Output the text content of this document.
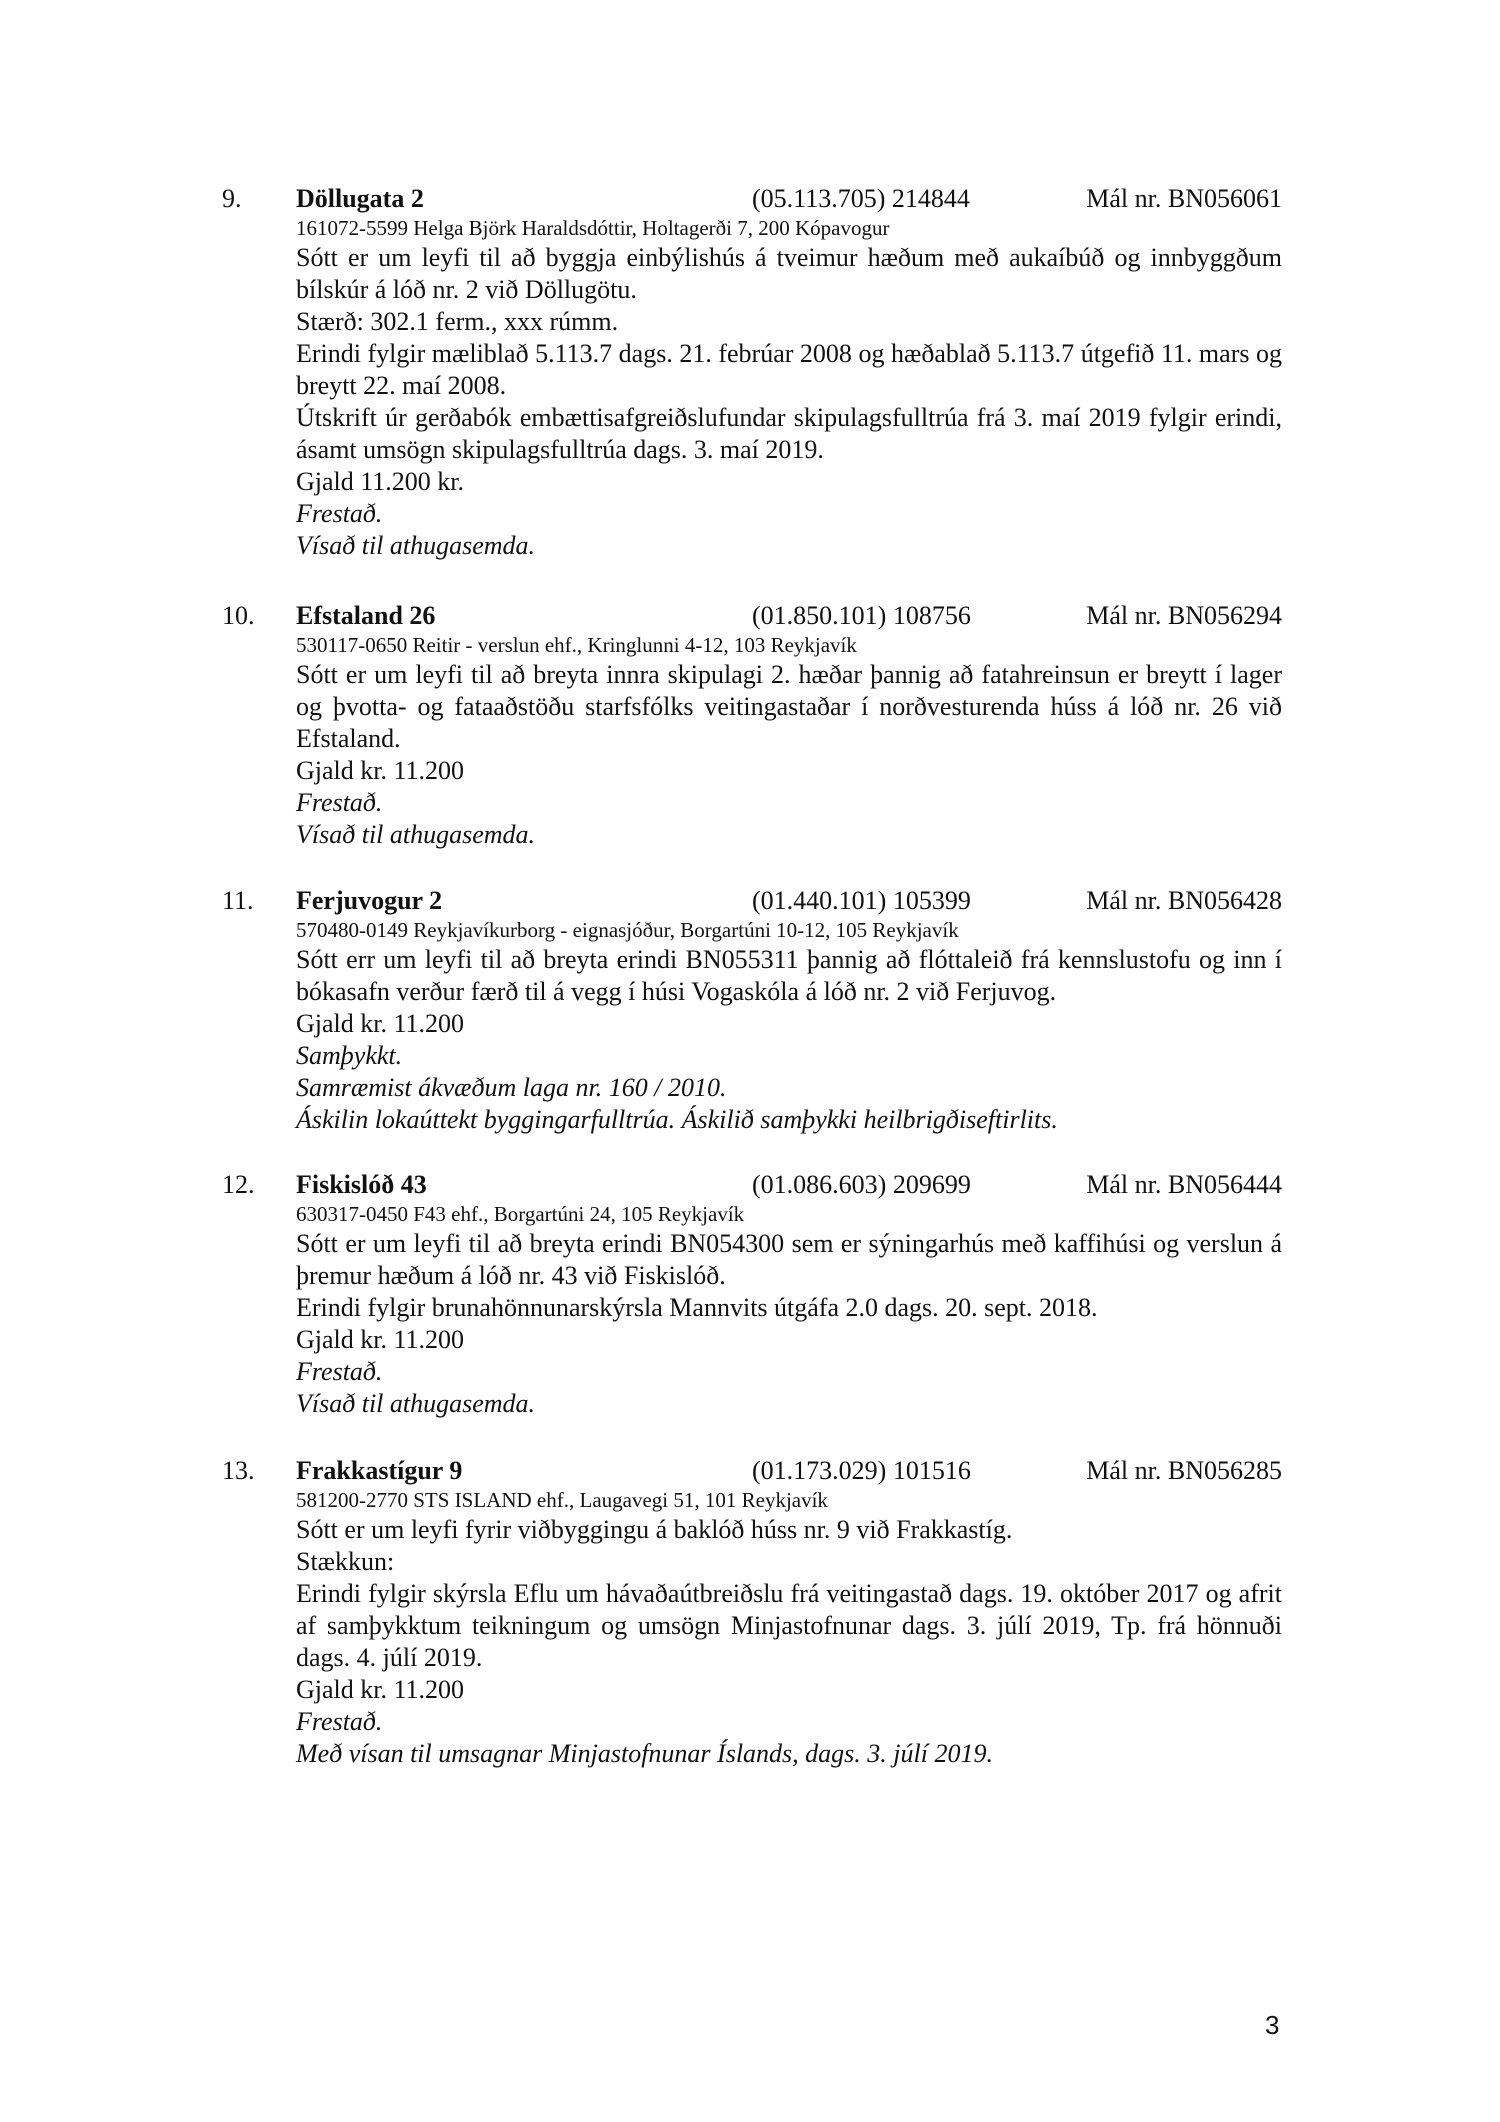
9. Döllugata 2	(05.113.705) 214844	Mál nr. BN056061
161072-5599 Helga Björk Haraldsdóttir, Holtagerði 7, 200 Kópavogur
Sótt er um leyfi til að byggja einbýlishús á tveimur hæðum með aukaíbúð og innbyggðum bílskúr á lóð nr. 2 við Döllugötu.
Stærð: 302.1 ferm., xxx rúmm.
Erindi fylgir mæliblað 5.113.7 dags. 21. febrúar 2008 og hæðablað 5.113.7 útgefið 11. mars og breytt 22. maí 2008.
Útskrift úr gerðabók embættisafgreiðslufundar skipulagsfulltrúa frá 3. maí 2019 fylgir erindi, ásamt umsögn skipulagsfulltrúa dags. 3. maí 2019.
Gjald 11.200 kr.
Frestað.
Vísað til athugasemda.
10. Efstaland 26	(01.850.101) 108756	Mál nr. BN056294
530117-0650 Reitir - verslun ehf., Kringlunni 4-12, 103 Reykjavík
Sótt er um leyfi til að breyta innra skipulagi 2. hæðar þannig að fatahreinsun er breytt í lager og þvotta- og fataaðstöðu starfsfólks veitingastaðar í norðvesturenda húss á lóð nr. 26 við Efstaland.
Gjald kr. 11.200
Frestað.
Vísað til athugasemda.
11. Ferjuvogur 2	(01.440.101) 105399	Mál nr. BN056428
570480-0149 Reykjavíkurborg - eignasjóður, Borgartúni 10-12, 105 Reykjavík
Sótt err um leyfi til að breyta erindi BN055311 þannig að flóttaleið frá kennslustofu og inn í bókasafn verður færð til á vegg í húsi Vogaskóla á lóð nr. 2 við Ferjuvog.
Gjald kr. 11.200
Samþykkt.
Samræmist ákvæðum laga nr. 160 / 2010.
Áskilin lokaúttekt byggingarfulltrúa. Áskilið samþykki heilbrigðiseftirlits.
12. Fiskislóð 43	(01.086.603) 209699	Mál nr. BN056444
630317-0450 F43 ehf., Borgartúni 24, 105 Reykjavík
Sótt er um leyfi til að breyta erindi BN054300 sem er sýningarhús með kaffihúsi og verslun á þremur hæðum á lóð nr. 43 við Fiskislóð.
Erindi fylgir brunahönnunarskýrsla Mannvits útgáfa 2.0 dags. 20. sept. 2018.
Gjald kr. 11.200
Frestað.
Vísað til athugasemda.
13. Frakkastígur 9	(01.173.029) 101516	Mál nr. BN056285
581200-2770 STS ISLAND ehf., Laugavegi 51, 101 Reykjavík
Sótt er um leyfi fyrir viðbyggingu á baklóð húss nr. 9 við Frakkastíg.
Stækkun:
Erindi fylgir skýrsla Eflu um hávaðaútbreiðslu frá veitingastað dags. 19. október 2017 og afrit af samþykktum teikningum og umsögn Minjastofnunar dags. 3. júlí 2019, Tp. frá hönnuði dags. 4. júlí 2019.
Gjald kr. 11.200
Frestað.
Með vísan til umsagnar Minjastofnunar Íslands, dags. 3. júlí 2019.
3
